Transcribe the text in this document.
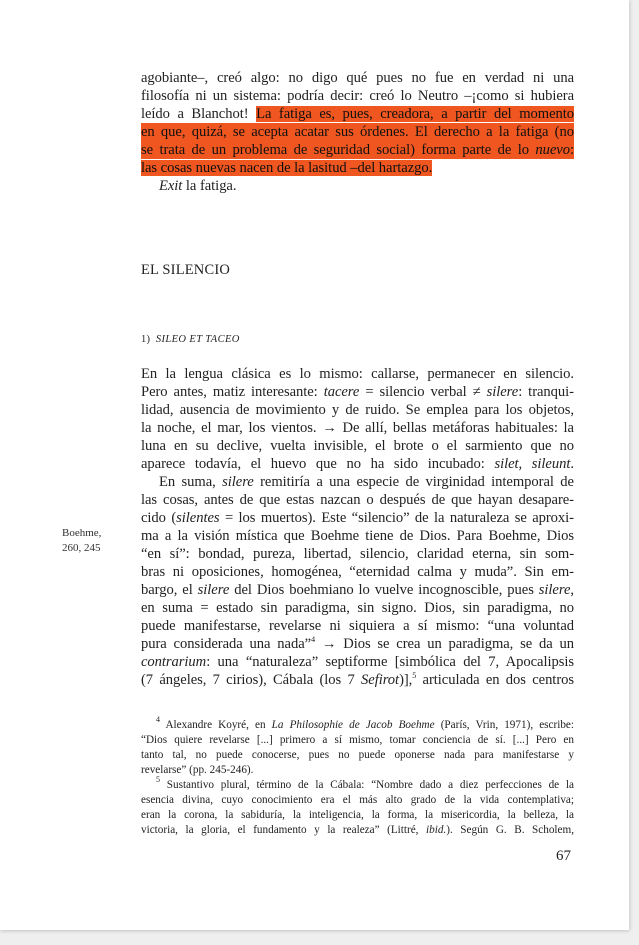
agobiante–, creó algo: no digo qué pues no fue en verdad ni una
filosofía ni un sistema: podría decir: creó lo Neutro –¡como si hubiera
leído a Blanchot! La fatiga es, pues, creadora, a partir del momento
en que, quizá, se acepta acatar sus órdenes. El derecho a la fatiga (no
se trata de un problema de seguridad social) forma parte de lo nuevo:
las cosas nuevas nacen de la lasitud –del hartazgo.
Exit la fatiga.
EL SILENCIO
1) SILEO ET TACEO
Boehme,
260, 245
En la lengua clásica es lo mismo: callarse, permanecer en silencio.
Pero antes, matiz interesante: tacere = silencio verbal ≠ silere: tranqui-
lidad, ausencia de movimiento y de ruido. Se emplea para los objetos,
la noche, el mar, los vientos. → De allí, bellas metáforas habituales: la
luna en su declive, vuelta invisible, el brote o el sarmiento que no
aparece todavía, el huevo que no ha sido incubado: silet, sileunt.
En suma, silere remitiría a una especie de virginidad intemporal de
las cosas, antes de que estas nazcan o después de que hayan desapare-
cido (silentes = los muertos). Este “silencio” de la naturaleza se aproxi-
ma a la visión mística que Boehme tiene de Dios. Para Boehme, Dios
“en sí”: bondad, pureza, libertad, silencio, claridad eterna, sin som-
bras ni oposiciones, homogénea, “eternidad calma y muda”. Sin em-
bargo, el silere del Dios boehmiano lo vuelve incognoscible, pues silere,
en suma = estado sin paradigma, sin signo. Dios, sin paradigma, no
puede manifestarse, revelarse ni siquiera a sí mismo: “una voluntad
pura considerada una nada”$^4$ → Dios se crea un paradigma, se da un
contrarium: una “naturaleza” septiforme [simbólica del 7, Apocalipsis
(7 ángeles, 7 cirios), Cábala (los 7 Sefirot)],$^5$ articulada en dos centros
$^4$ Alexandre Koyré, en La Philosophie de Jacob Boehme (París, Vrin, 1971), escribe:
“Dios quiere revelarse [...] primero a sí mismo, tomar conciencia de sí. [...] Pero en
tanto tal, no puede conocerse, pues no puede oponerse nada para manifestarse y
revelarse” (pp. 245-246).
$^5$ Sustantivo plural, término de la Cábala: “Nombre dado a diez perfecciones de la
esencia divina, cuyo conocimiento era el más alto grado de la vida contemplativa;
eran la corona, la sabiduría, la inteligencia, la forma, la misericordia, la belleza, la
victoria, la gloria, el fundamento y la realeza” (Littré, ibid.). Según G. B. Scholem,
67
